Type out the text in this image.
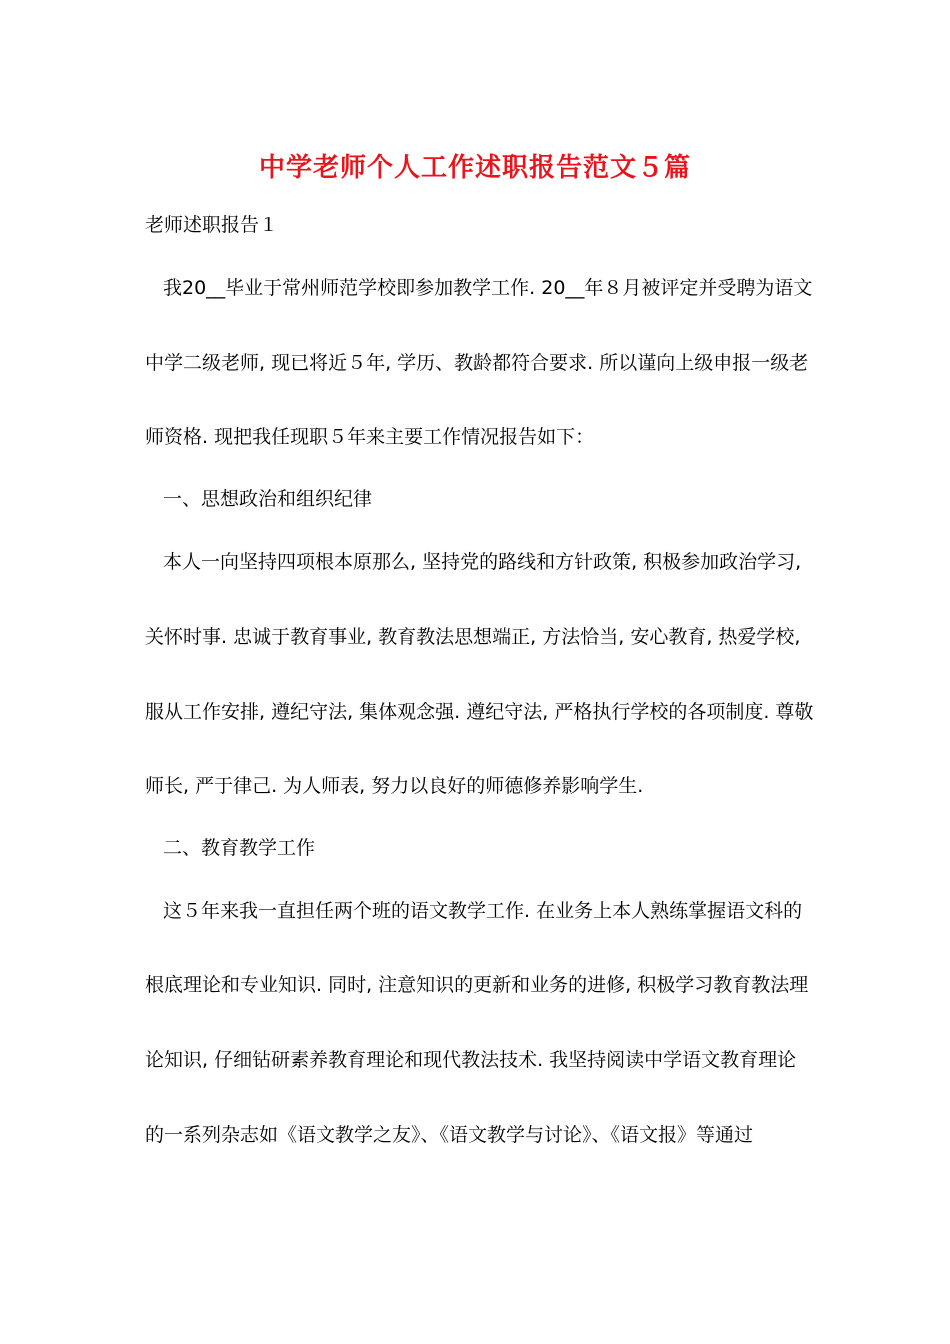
中学老师个人工作述职报告范文５篇
老师述职报告１
我20__毕业于常州师范学校即参加教学工作. 20__年８月被评定并受聘为语文
中学二级老师, 现已将近５年, 学历、教龄都符合要求. 所以谨向上级申报一级老
师资格. 现把我任现职５年来主要工作情况报告如下：
一、思想政治和组织纪律
本人一向坚持四项根本原那么, 坚持党的路线和方针政策, 积极参加政治学习,
关怀时事. 忠诚于教育事业, 教育教法思想端正, 方法恰当, 安心教育, 热爱学校,
服从工作安排, 遵纪守法, 集体观念强. 遵纪守法, 严格执行学校的各项制度. 尊敬
师长, 严于律己. 为人师表, 努力以良好的师德修养影响学生.
二、教育教学工作
这５年来我一直担任两个班的语文教学工作. 在业务上本人熟练掌握语文科的
根底理论和专业知识. 同时, 注意知识的更新和业务的进修, 积极学习教育教法理
论知识, 仔细钻研素养教育理论和现代教法技术. 我坚持阅读中学语文教育理论
的一系列杂志如《语文教学之友》、《语文教学与讨论》、《语文报》等通过
